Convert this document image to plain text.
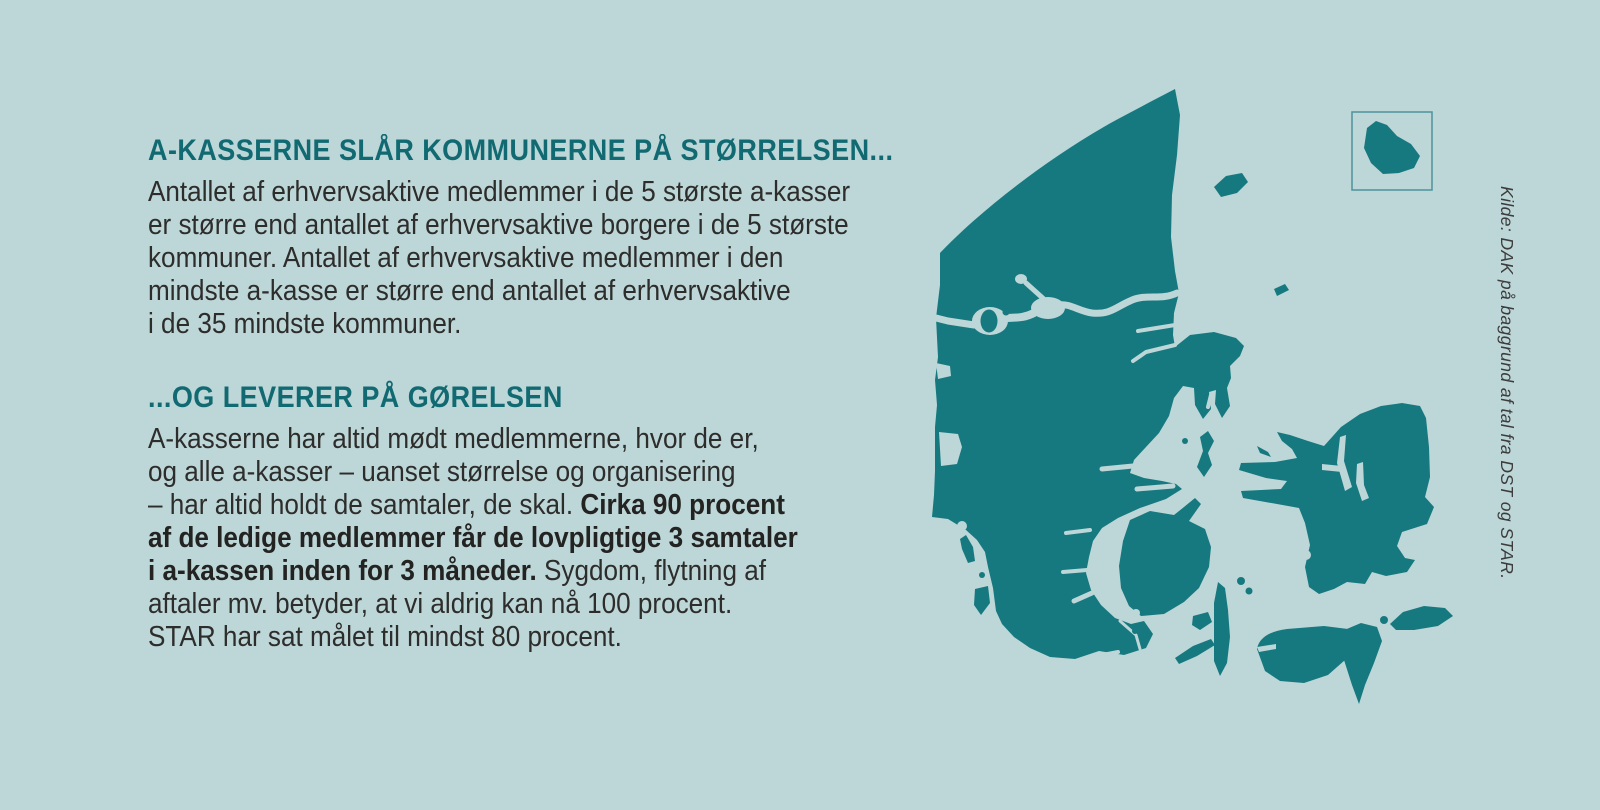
A-KASSERNE SLÅR KOMMUNERNE PÅ STØRRELSEN...
Antallet af erhvervsaktive medlemmer i de 5 største a-kasser
er større end antallet af erhvervsaktive borgere i de 5 største
kommuner. Antallet af erhvervsaktive medlemmer i den
mindste a-kasse er større end antallet af erhvervsaktive
i de 35 mindste kommuner.
...OG LEVERER PÅ GØRELSEN
A-kasserne har altid mødt medlemmerne, hvor de er,
og alle a-kasser – uanset størrelse og organisering
– har altid holdt de samtaler, de skal. Cirka 90 procent
af de ledige medlemmer får de lovpligtige 3 samtaler
i a-kassen inden for 3 måneder. Sygdom, flytning af
aftaler mv. betyder, at vi aldrig kan nå 100 procent.
STAR har sat målet til mindst 80 procent.
Kilde: DAK på baggrund af tal fra DST og STAR.
